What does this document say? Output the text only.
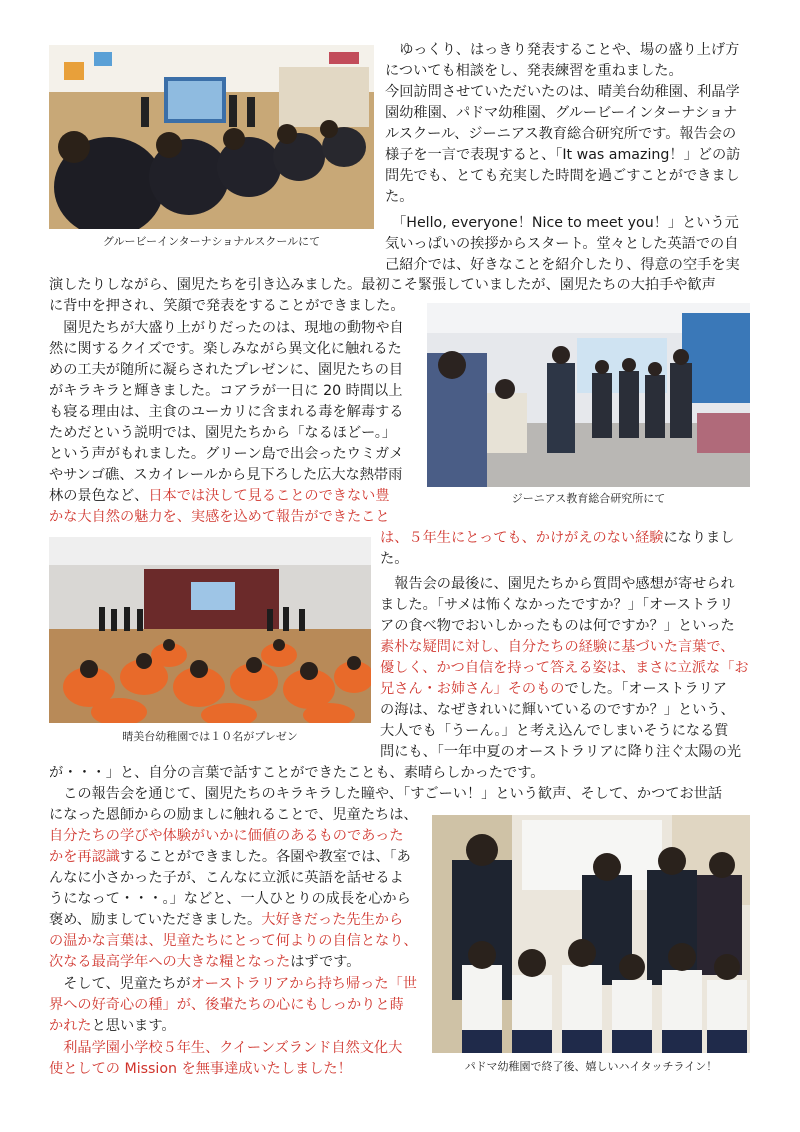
グルービーインターナショナルスクールにて
ジーニアス教育総合研究所にて
晴美台幼稚園では１０名がプレゼン
パドマ幼稚園で終了後、嬉しいハイタッチライン！

　ゆっくり、はっきり発表することや、場の盛り上げ方

についても相談をし、発表練習を重ねました。

今回訪問させていただいたのは、晴美台幼稚園、利晶学

園幼稚園、パドマ幼稚園、グルービーインターナショナ

ルスクール、ジーニアス教育総合研究所です。報告会の

様子を一言で表現すると、「It was amazing！」どの訪

問先でも、とても充実した時間を過ごすことができまし

た。

　「Hello, everyone！Nice to meet you！」という元

気いっぱいの挨拶からスタート。堂々とした英語での自

己紹介では、好きなことを紹介したり、得意の空手を実

演したりしながら、園児たちを引き込みました。最初こそ緊張していましたが、園児たちの大拍手や歓声

に背中を押され、笑顔で発表をすることができました。

　園児たちが大盛り上がりだったのは、現地の動物や自

然に関するクイズです。楽しみながら異文化に触れるた

めの工夫が随所に凝らされたプレゼンに、園児たちの目

がキラキラと輝きました。コアラが一日に 20 時間以上

も寝る理由は、主食のユーカリに含まれる毒を解毒する

ためだという説明では、園児たちから「なるほどー。」

という声がもれました。グリーン島で出会ったウミガメ

やサンゴ礁、スカイレールから見下ろした広大な熱帯雨

林の景色など、日本では決して見ることのできない豊

かな大自然の魅力を、実感を込めて報告ができたこと

は、５年生にとっても、かけがえのない経験になりまし

た。

　報告会の最後に、園児たちから質問や感想が寄せられ

ました。「サメは怖くなかったですか？」「オーストラリ

アの食べ物でおいしかったものは何ですか？」といった

素朴な疑問に対し、自分たちの経験に基づいた言葉で、

優しく、かつ自信を持って答える姿は、まさに立派な「お

兄さん・お姉さん」そのものでした。「オーストラリア

の海は、なぜきれいに輝いているのですか？」という、

大人でも「うーん。」と考え込んでしまいそうになる質

問にも、「一年中夏のオーストラリアに降り注ぐ太陽の光

が・・・」と、自分の言葉で話すことができたことも、素晴らしかったです。

　この報告会を通じて、園児たちのキラキラした瞳や、「すごーい！」という歓声、そして、かつてお世話

になった恩師からの励ましに触れることで、児童たちは、

自分たちの学びや体験がいかに価値のあるものであった

かを再認識することができました。各園や教室では、「あ

んなに小さかった子が、こんなに立派に英語を話せるよ

うになって・・・。」などと、一人ひとりの成長を心から

褒め、励ましていただきました。大好きだった先生から

の温かな言葉は、児童たちにとって何よりの自信となり、

次なる最高学年への大きな糧となったはずです。

　そして、児童たちがオーストラリアから持ち帰った「世

界への好奇心の種」が、後輩たちの心にもしっかりと蒔

かれたと思います。

　利晶学園小学校５年生、クイーンズランド自然文化大

使としての Mission を無事達成いたしました！
